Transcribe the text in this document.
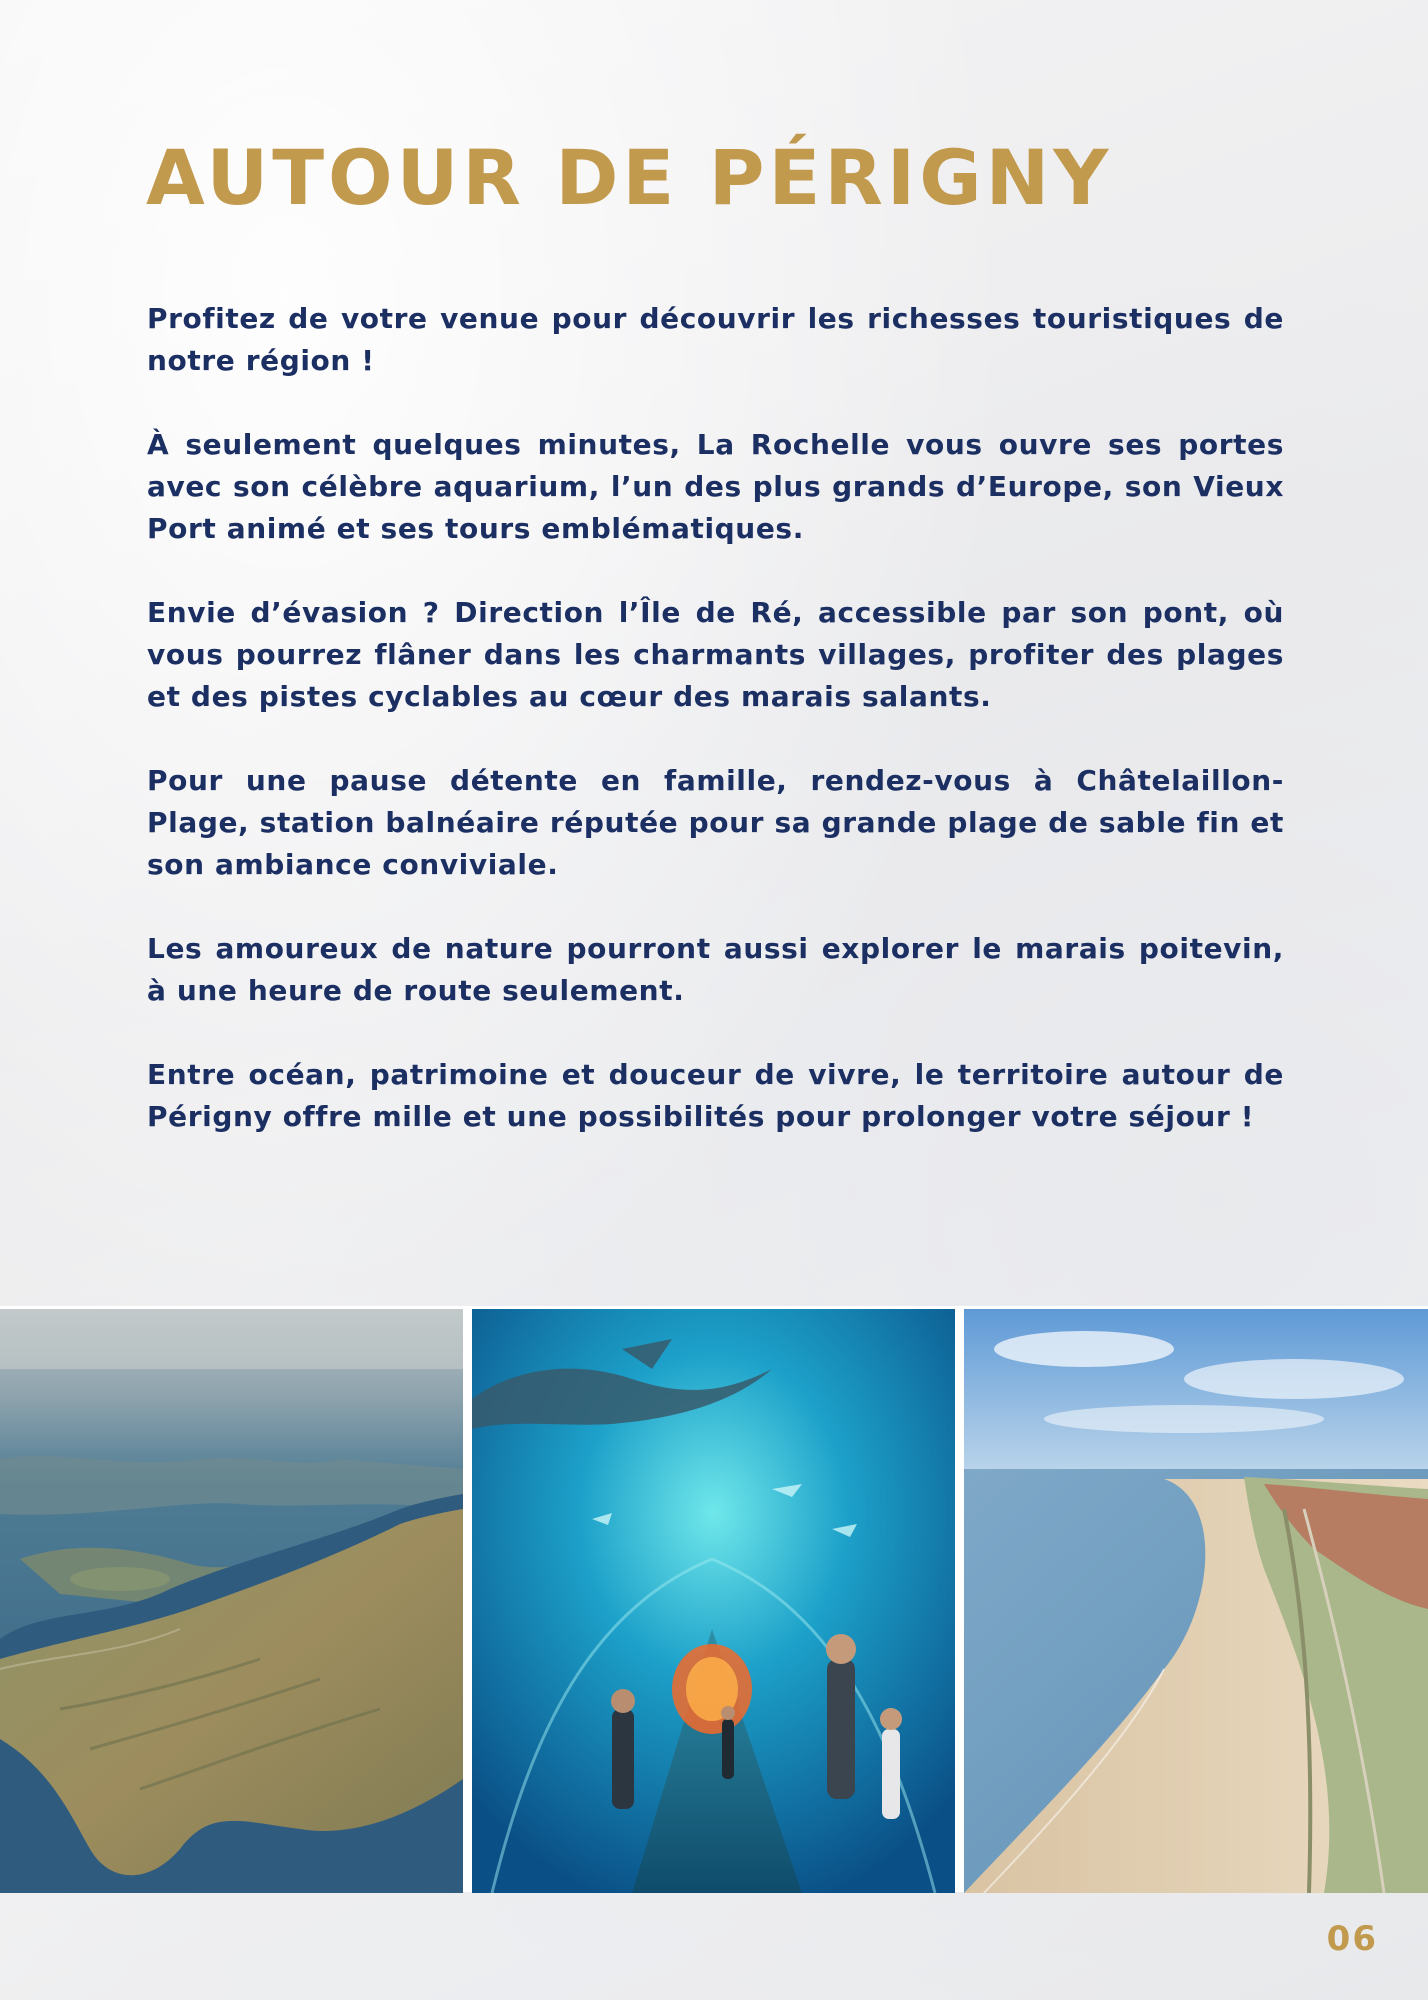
AUTOUR DE PÉRIGNY

Profitez de votre venue pour découvrir les richesses touristiques de notre région !

À seulement quelques minutes, La Rochelle vous ouvre ses portes avec son célèbre aquarium, l’un des plus grands d’Europe, son Vieux Port animé et ses tours emblématiques.

Envie d’évasion ? Direction l’Île de Ré, accessible par son pont, où vous pourrez flâner dans les charmants villages, profiter des plages et des pistes cyclables au cœur des marais salants.

Pour une pause détente en famille, rendez-vous à Châtelaillon-Plage, station balnéaire réputée pour sa grande plage de sable fin et son ambiance conviviale.

Les amoureux de nature pourront aussi explorer le marais poitevin, à une heure de route seulement.

Entre océan, patrimoine et douceur de vivre, le territoire autour de Périgny offre mille et une possibilités pour prolonger votre séjour !

06
